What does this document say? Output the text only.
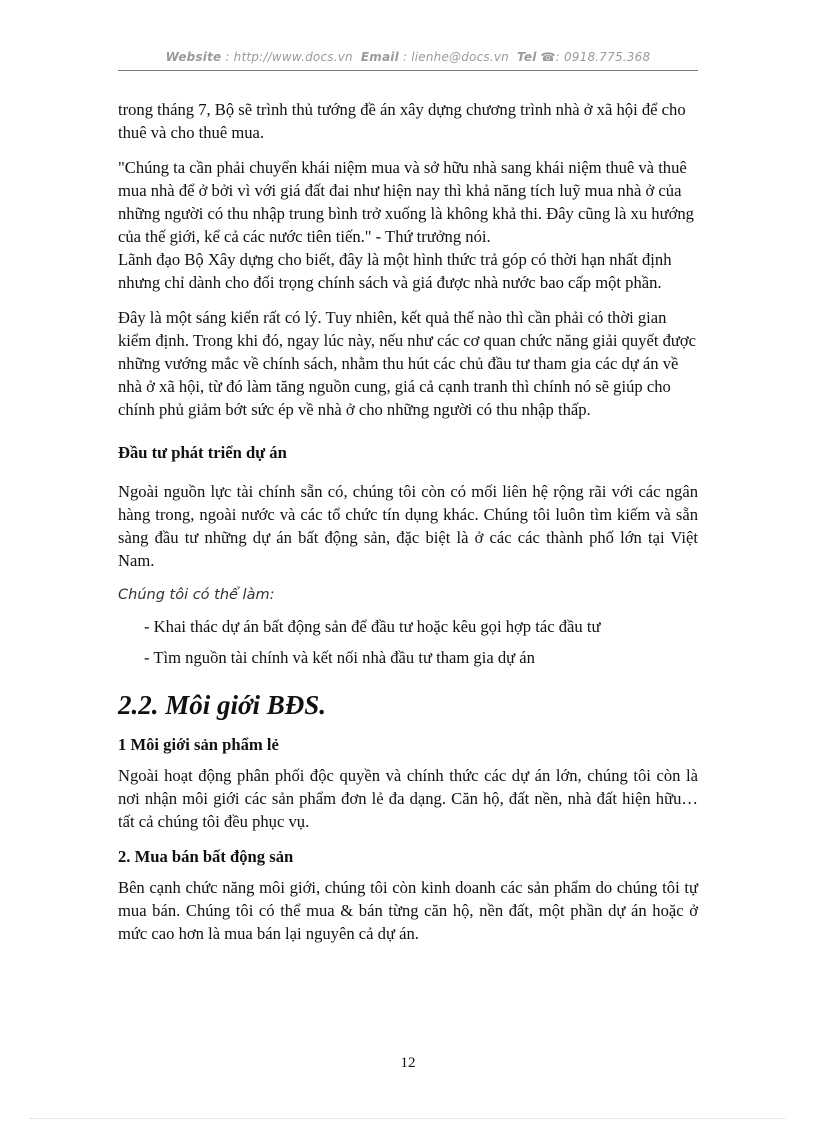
Website : http://www.docs.vn Email : lienhe@docs.vn Tel ☎: 0918.775.368

trong tháng 7, Bộ sẽ trình thủ tướng đề án xây dựng chương trình nhà ở xã hội để cho thuê và cho thuê mua.

"Chúng ta cần phải chuyển khái niệm mua và sở hữu nhà sang khái niệm thuê và thuê mua nhà để ở bởi vì với giá đất đai như hiện nay thì khả năng tích luỹ mua nhà ở của những người có thu nhập trung bình trở xuống là không khả thi. Đây cũng là xu hướng của thế giới, kể cả các nước tiên tiến." - Thứ trưởng nói.

Lãnh đạo Bộ Xây dựng cho biết, đây là một hình thức trả góp có thời hạn nhất định nhưng chỉ dành cho đối trọng chính sách và giá được nhà nước bao cấp một phần.

Đây là một sáng kiến rất có lý. Tuy nhiên, kết quả thế nào thì cần phải có thời gian kiểm định. Trong khi đó, ngay lúc này, nếu như các cơ quan chức năng giải quyết được những vướng mắc về chính sách, nhằm thu hút các chủ đầu tư tham gia các dự án về nhà ở xã hội, từ đó làm tăng nguồn cung, giá cả cạnh tranh thì chính nó sẽ giúp cho chính phủ giảm bớt sức ép về nhà ở cho những người có thu nhập thấp.

Đầu tư phát triển dự án

Ngoài nguồn lực tài chính sẵn có, chúng tôi còn có mối liên hệ rộng rãi với các ngân hàng trong, ngoài nước và các tổ chức tín dụng khác. Chúng tôi luôn tìm kiếm và sẵn sàng đầu tư những dự án bất động sản, đặc biệt là ở các các thành phố lớn tại Việt Nam.

Chúng tôi có thể làm:
- Khai thác dự án bất động sản để đầu tư hoặc kêu gọi hợp tác đầu tư
- Tìm nguồn tài chính và kết nối nhà đầu tư tham gia dự án
2.2. Môi giới BĐS.
1 Môi giới sản phẩm lẻ

Ngoài hoạt động phân phối độc quyền và chính thức các dự án lớn, chúng tôi còn là nơi nhận môi giới các sản phẩm đơn lẻ đa dạng. Căn hộ, đất nền, nhà đất hiện hữu… tất cả chúng tôi đều phục vụ.

2. Mua bán bất động sản

Bên cạnh chức năng môi giới, chúng tôi còn kinh doanh các sản phẩm do chúng tôi tự mua bán. Chúng tôi có thể mua & bán từng căn hộ, nền đất, một phần dự án hoặc ở mức cao hơn là mua bán lại nguyên cả dự án.

12
